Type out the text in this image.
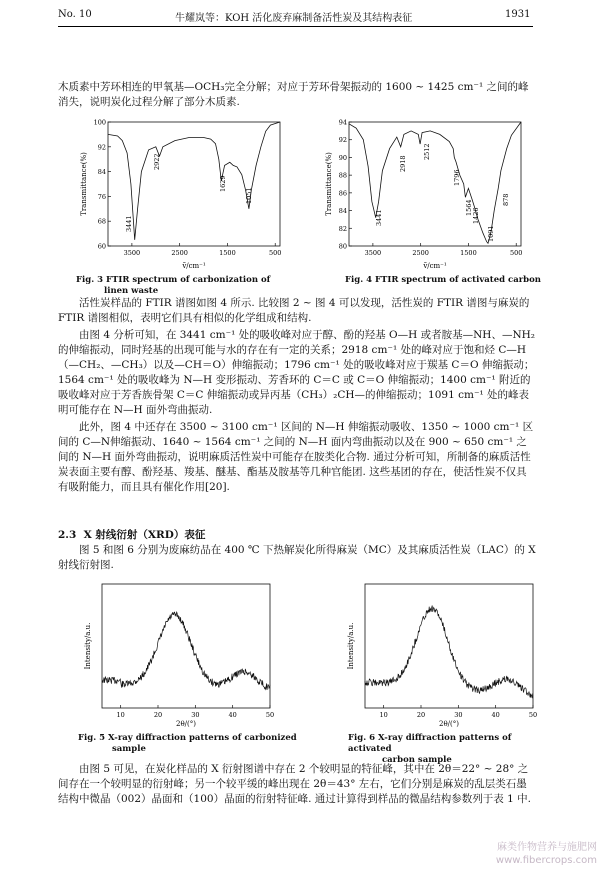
No. 10	牛耀岚等：KOH 活化废弃麻制备活性炭及其结构表征	1931

木质素中芳环相连的甲氧基—OCH₃完全分解；对应于芳环骨架振动的 1600 ~ 1425 cm⁻¹ 之间的峰消失，说明炭化过程分解了部分木质素.

100
92
84
76
68
60
3500	2500	1500	500
Transmittance(%)
ṽ/cm⁻¹
3441
2922
1629
1051
Fig. 3 FTIR spectrum of carbonization of
linen waste
94
92
90
88
86
84
82
80
3500	2500	1500	500
Transmittance(%)
ṽ/cm⁻¹
3441
2918
2512
1796
1564 1426
1091
878
Fig. 4 FTIR spectrum of activated carbon

活性炭样品的 FTIR 谱图如图 4 所示. 比较图 2 ~ 图 4 可以发现，活性炭的 FTIR 谱图与麻炭的FTIR 谱图相似，表明它们具有相似的化学组成和结构.

由图 4 分析可知，在 3441 cm⁻¹ 处的吸收峰对应于醇、酚的羟基 O—H 或者胺基—NH、—NH₂ 的伸缩振动，同时羟基的出现可能与水的存在有一定的关系；2918 cm⁻¹ 处的峰对应于饱和烃 C—H（—CH₂、—CH₃）以及—CH＝O）伸缩振动；1796 cm⁻¹ 处的吸收峰对应于羰基 C＝O 伸缩振动；1564 cm⁻¹ 处的吸收峰为 N—H 变形振动、芳香环的 C＝C 或 C＝O 伸缩振动；1400 cm⁻¹ 附近的吸收峰对应于芳香族骨架 C＝C 伸缩振动或异丙基（CH₃）₂CH—的伸缩振动；1091 cm⁻¹ 处的峰表明可能存在 N—H 面外弯曲振动.

此外，图 4 中还存在 3500 ~ 3100 cm⁻¹ 区间的 N—H 伸缩振动吸收、1350 ~ 1000 cm⁻¹ 区间的 C—N伸缩振动、1640 ~ 1564 cm⁻¹ 之间的 N—H 面内弯曲振动以及在 900 ~ 650 cm⁻¹ 之间的 N—H 面外弯曲振动，说明麻质活性炭中可能存在胺类化合物. 通过分析可知，所制备的麻质活性炭表面主要有醇、酚羟基、羧基、醚基、酯基及胺基等几种官能团. 这些基团的存在，使活性炭不仅具有吸附能力，而且具有催化作用[20].

2.3 X 射线衍射（XRD）表征

图 5 和图 6 分别为废麻纺品在 400 ℃ 下热解炭化所得麻炭（MC）及其麻质活性炭（LAC）的 X 射线衍射图.

10	20	30	40	50
Intensity/a.u.
2θ/(°)
Fig. 5 X-ray diffraction patterns of carbonized
sample
10	20	30	40	50
Intensity/a.u.
2θ/(°)
Fig. 6 X-ray diffraction patterns of activated
carbon sample

由图 5 可见，在炭化样品的 X 衍射图谱中存在 2 个较明显的特征峰，其中在 2θ＝22° ~ 28° 之间存在一个较明显的衍射峰；另一个较平缓的峰出现在 2θ＝43° 左右，它们分别是麻炭的乱层类石墨结构中微晶（002）晶面和（100）晶面的衍射特征峰. 通过计算得到样品的微晶结构参数列于表 1 中.

麻类作物营养与施肥网
www.fibercrops.com
